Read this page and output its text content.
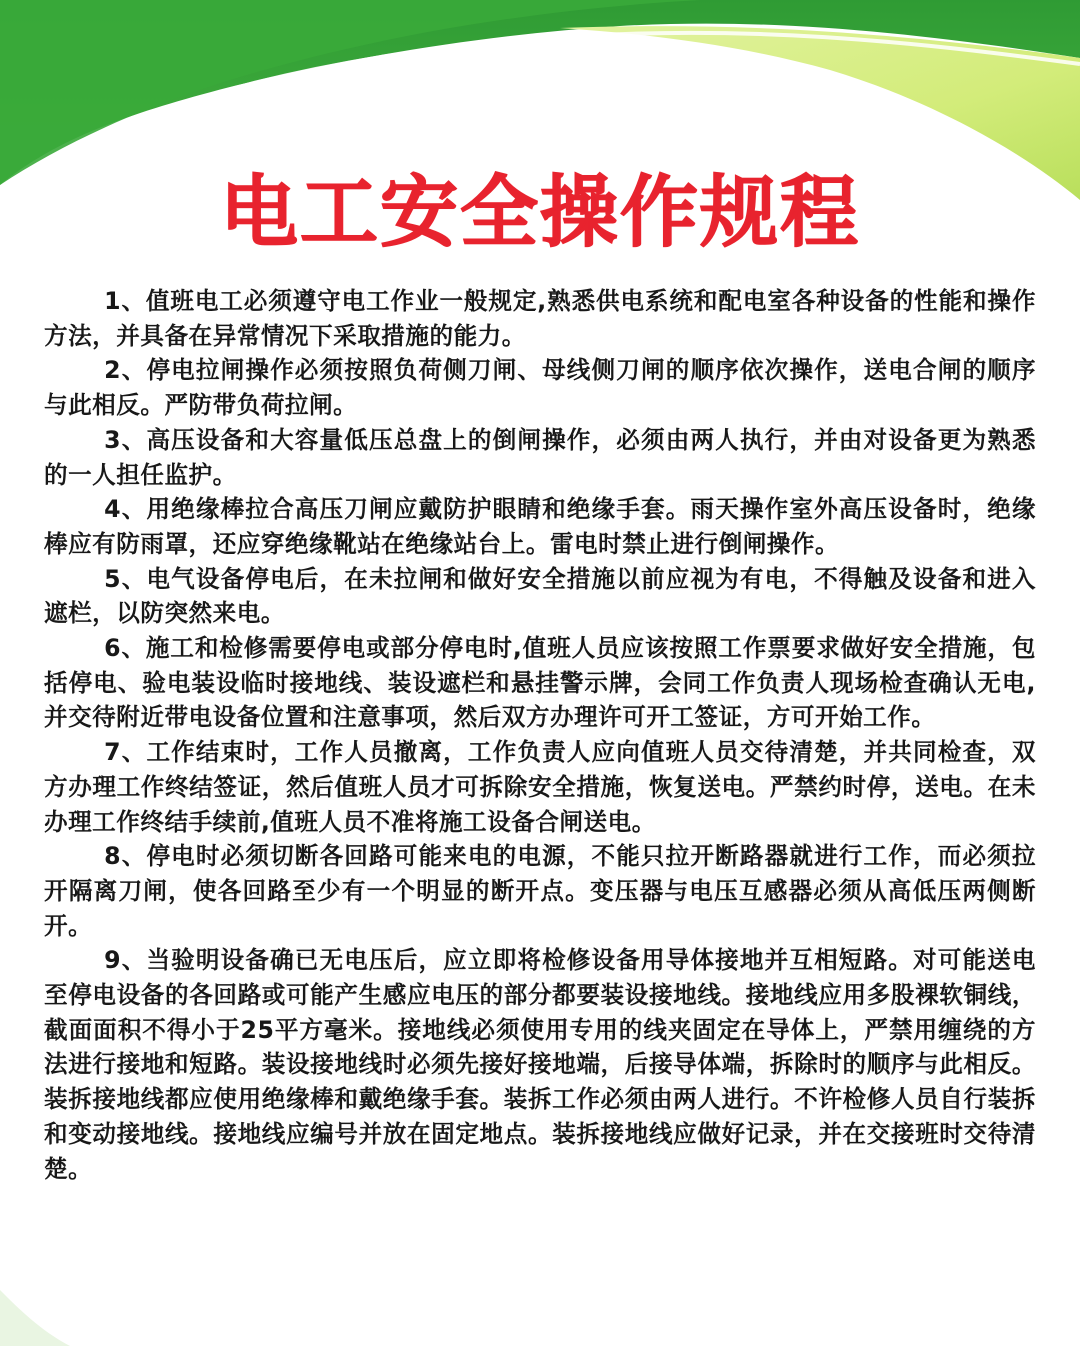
电工安全操作规程

1、值班电工必须遵守电工作业一般规定,熟悉供电系统和配电室各种设备的性能和操作方法，并具备在异常情况下采取措施的能力。

2、停电拉闸操作必须按照负荷侧刀闸、母线侧刀闸的顺序依次操作，送电合闸的顺序与此相反。严防带负荷拉闸。

3、高压设备和大容量低压总盘上的倒闸操作，必须由两人执行，并由对设备更为熟悉的一人担任监护。

4、用绝缘棒拉合高压刀闸应戴防护眼睛和绝缘手套。雨天操作室外高压设备时，绝缘棒应有防雨罩，还应穿绝缘靴站在绝缘站台上。雷电时禁止进行倒闸操作。

5、电气设备停电后，在未拉闸和做好安全措施以前应视为有电，不得触及设备和进入遮栏，以防突然来电。

6、施工和检修需要停电或部分停电时,值班人员应该按照工作票要求做好安全措施，包括停电、验电装设临时接地线、装设遮栏和悬挂警示牌，会同工作负责人现场检查确认无电,并交待附近带电设备位置和注意事项，然后双方办理许可开工签证，方可开始工作。

7、工作结束时，工作人员撤离，工作负责人应向值班人员交待清楚，并共同检查，双方办理工作终结签证，然后值班人员才可拆除安全措施，恢复送电。严禁约时停，送电。在未办理工作终结手续前,值班人员不准将施工设备合闸送电。

8、停电时必须切断各回路可能来电的电源，不能只拉开断路器就进行工作，而必须拉开隔离刀闸，使各回路至少有一个明显的断开点。变压器与电压互感器必须从高低压两侧断开。

9、当验明设备确已无电压后，应立即将检修设备用导体接地并互相短路。对可能送电至停电设备的各回路或可能产生感应电压的部分都要装设接地线。接地线应用多股裸软铜线，截面面积不得小于25平方毫米。接地线必须使用专用的线夹固定在导体上，严禁用缠绕的方法进行接地和短路。装设接地线时必须先接好接地端，后接导体端，拆除时的顺序与此相反。装拆接地线都应使用绝缘棒和戴绝缘手套。装拆工作必须由两人进行。不许检修人员自行装拆和变动接地线。接地线应编号并放在固定地点。装拆接地线应做好记录，并在交接班时交待清楚。
